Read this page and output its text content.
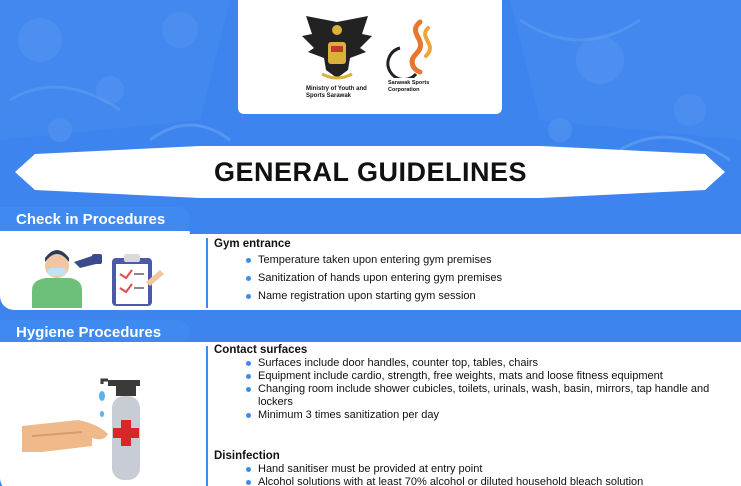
Ministry of Youth and Sports Sarawak
Sarawak Sports Corporation
GENERAL GUIDELINES
Check in Procedures
Gym entrance
Temperature taken upon entering gym premises
Sanitization of hands upon entering gym premises
Name registration upon starting gym session
Hygiene Procedures
Contact surfaces
Surfaces include door handles, counter top, tables, chairs
Equipment include cardio, strength, free weights, mats and loose fitness equipment
Changing room include shower cubicles, toilets, urinals, wash, basin, mirrors, tap handle and lockers
Minimum 3 times sanitization per day
Disinfection
Hand sanitiser must be provided at entry point
Alcohol solutions with at least 70% alcohol or diluted household bleach solution
